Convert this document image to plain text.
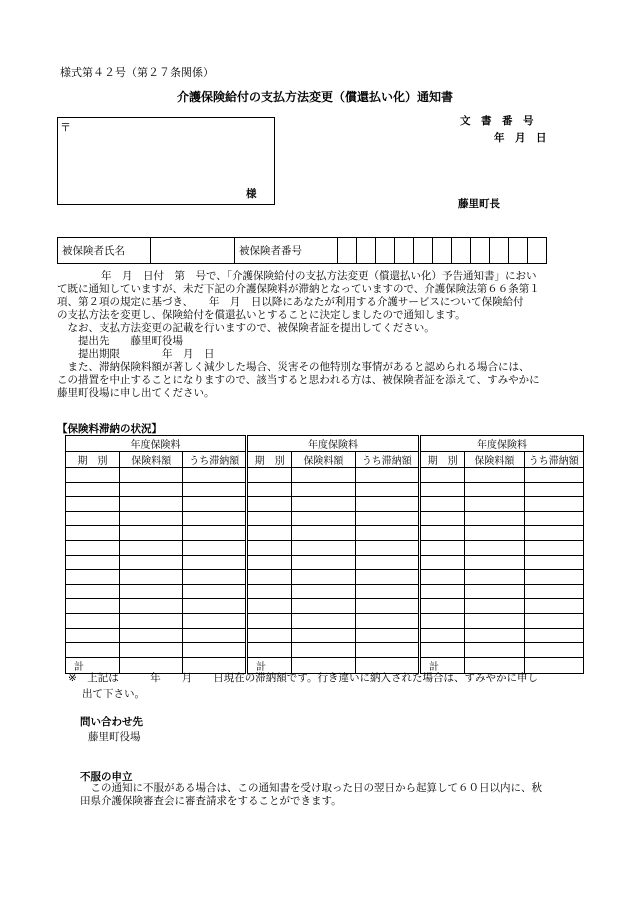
様式第４２号（第２７条関係）
介護保険給付の支払方法変更（償還払い化）通知書
〒
様
文　書　番　号
年　月　日
藤里町長
被保険者氏名		被保険者番号											

年　月　日付　第　号で、「介護保険給付の支払方法変更（償還払い化）予告通知書」におい

て既に通知していますが、未だ下記の介護保険料が滞納となっていますので、介護保険法第６６条第１

項、第２項の規定に基づき、　　年　月　日以降にあなたが利用する介護サービスについて保険給付

の支払方法を変更し、保険給付を償還払いとすることに決定しましたので通知します。

　なお、支払方法変更の記載を行いますので、被保険者証を提出してください。

　　提出先　　藤里町役場

　　提出期限　　　　年　月　日

　また、滞納保険料額が著しく減少した場合、災害その他特別な事情があると認められる場合には、

この措置を中止することになりますので、該当すると思われる方は、被保険者証を添えて、すみやかに

藤里町役場に申し出てください。

【保険料滞納の状況】
年度保険料		
期　別	保険料額	うち滞納額

計		
年度保険料		
期　別	保険料額	うち滞納額

計		
年度保険料		
期　別	保険料額	うち滞納額

計		

※　上記は　　　年　　月　　日現在の滞納額です。行き違いに納入された場合は、すみやかに申し

出て下さい。

問い合わせ先
藤里町役場
不服の申立

　この通知に不服がある場合は、この通知書を受け取った日の翌日から起算して６０日以内に、秋

田県介護保険審査会に審査請求をすることができます。
